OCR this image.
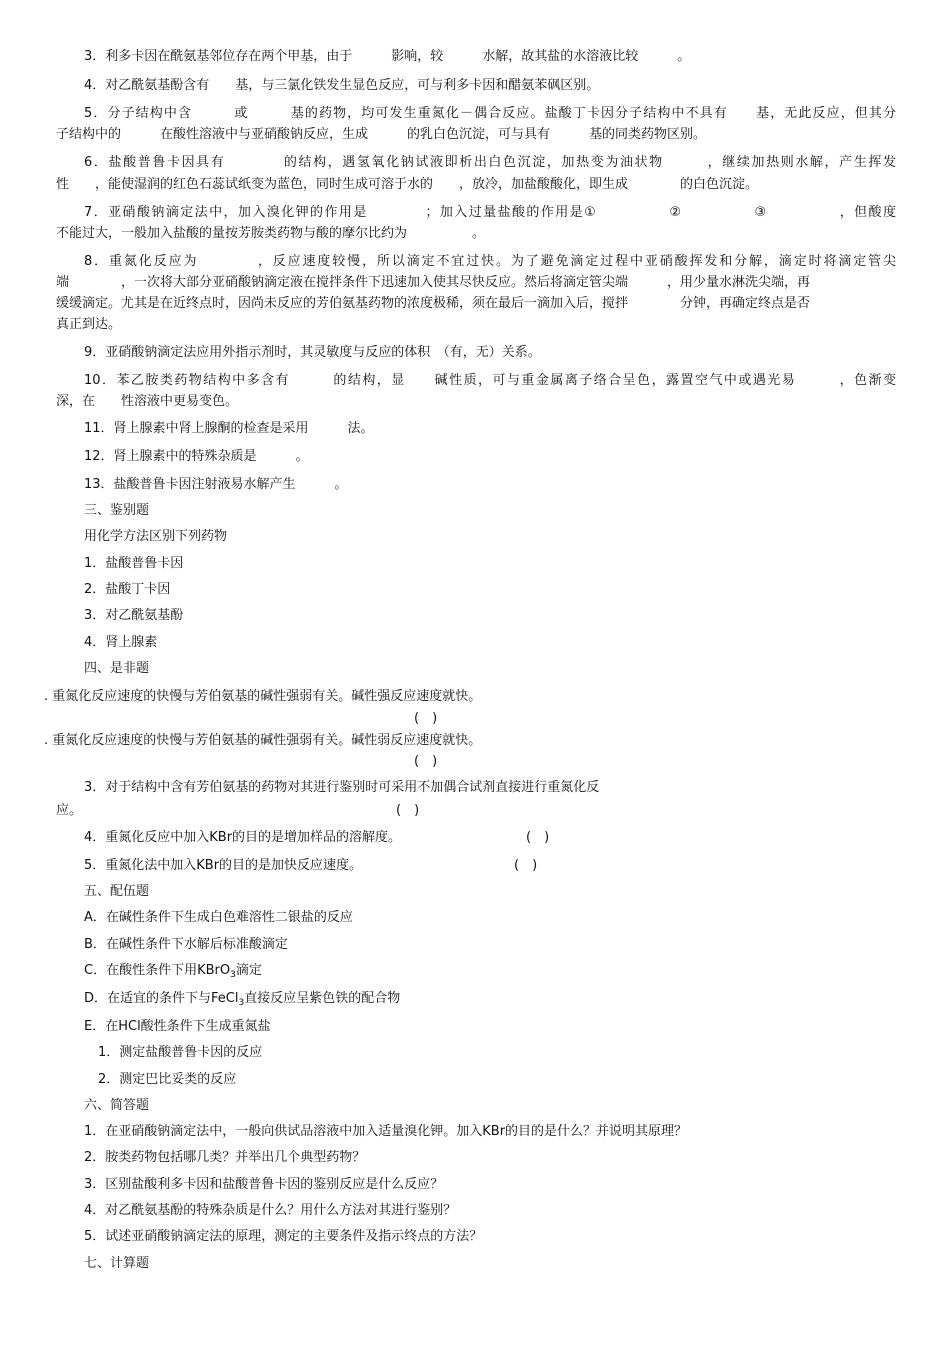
3．利多卡因在酰氨基邻位存在两个甲基，由于　　　影响，较　　　水解，故其盐的水溶液比较　　　。
4．对乙酰氨基酚含有　　基，与三氯化铁发生显色反应，可与利多卡因和醋氨苯砜区别。
5．分子结构中含　　　或　　　基的药物，均可发生重氮化－偶合反应。盐酸丁卡因分子结构中不具有　　基，无此反应，但其分
子结构中的　　　在酸性溶液中与亚硝酸钠反应，生成　　　的乳白色沉淀，可与具有　　　基的同类药物区别。
6．盐酸普鲁卡因具有　　　　的结构，遇氢氧化钠试液即析出白色沉淀，加热变为油状物　　　，继续加热则水解，产生挥发
性　　，能使湿润的红色石蕊试纸变为蓝色，同时生成可溶于水的　　，放冷，加盐酸酸化，即生成　　　　的白色沉淀。
7．亚硝酸钠滴定法中，加入溴化钾的作用是　　　　；加入过量盐酸的作用是①　　　　　②　　　　　③　　　　　，但酸度
不能过大，一般加入盐酸的量按芳胺类药物与酸的摩尔比约为　　　　　。
8．重氮化反应为　　　　，反应速度较慢，所以滴定不宜过快。为了避免滴定过程中亚硝酸挥发和分解，滴定时将滴定管尖
端　　　　，一次将大部分亚硝酸钠滴定液在搅拌条件下迅速加入使其尽快反应。然后将滴定管尖端　　　，用少量水淋洗尖端，再
缓缓滴定。尤其是在近终点时，因尚未反应的芳伯氨基药物的浓度极稀，须在最后一滴加入后，搅拌　　　　分钟，再确定终点是否
真正到达。
9．亚硝酸钠滴定法应用外指示剂时，其灵敏度与反应的体积　（有，无）关系。
10．苯乙胺类药物结构中多含有　　　的结构，显　　碱性质，可与重金属离子络合呈色，露置空气中或遇光易　　　，色渐变
深，在　　性溶液中更易变色。
11．肾上腺素中肾上腺酮的检查是采用　　　法。
12．肾上腺素中的特殊杂质是　　　。
13．盐酸普鲁卡因注射液易水解产生　　　。
三、鉴别题
用化学方法区别下列药物
1．盐酸普鲁卡因
2．盐酸丁卡因
3．对乙酰氨基酚
4．肾上腺素
四、是非题
. 重氮化反应速度的快慢与芳伯氨基的碱性强弱有关。碱性强反应速度就快。
(　)
. 重氮化反应速度的快慢与芳伯氨基的碱性强弱有关。碱性弱反应速度就快。
(　)
3．对于结构中含有芳伯氨基的药物对其进行鉴别时可采用不加偶合试剂直接进行重氮化反
应。	(　)
4．重氮化反应中加入KBr的目的是增加样品的溶解度。	(　)
5．重氮化法中加入KBr的目的是加快反应速度。	(　)
五、配伍题
A．在碱性条件下生成白色难溶性二银盐的反应
B．在碱性条件下水解后标准酸滴定
C．在酸性条件下用KBrO$_3$滴定
D．在适宜的条件下与FeCl$_3$直接反应呈紫色铁的配合物
E．在HCl酸性条件下生成重氮盐
1．测定盐酸普鲁卡因的反应
2．测定巴比妥类的反应
六、简答题
1．在亚硝酸钠滴定法中，一般向供试品溶液中加入适量溴化钾。加入KBr的目的是什么？并说明其原理？
2．胺类药物包括哪几类？并举出几个典型药物？
3．区别盐酸利多卡因和盐酸普鲁卡因的鉴别反应是什么反应？
4．对乙酰氨基酚的特殊杂质是什么？用什么方法对其进行鉴别？
5．试述亚硝酸钠滴定法的原理，测定的主要条件及指示终点的方法？
七、计算题
